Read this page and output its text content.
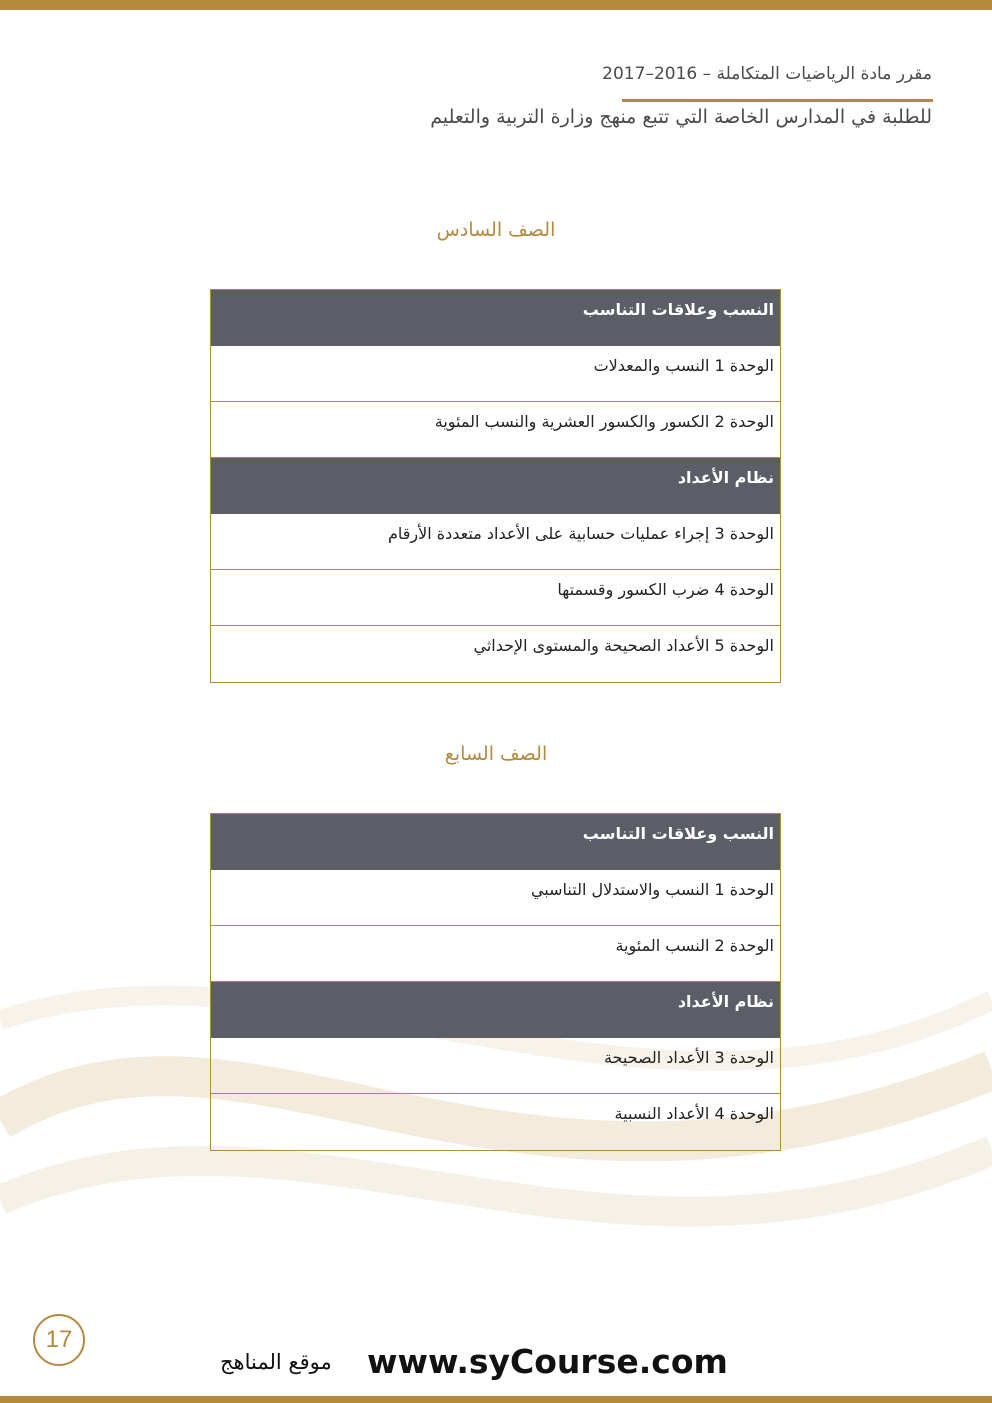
مقرر مادة الرياضيات المتكاملة – 2016–2017
للطلبة في المدارس الخاصة التي تتبع منهج وزارة التربية والتعليم
الصف السادس
النسب وعلاقات التناسب
الوحدة 1 النسب والمعدلات
الوحدة 2 الكسور والكسور العشرية والنسب المئوية
نظام الأعداد
الوحدة 3 إجراء عمليات حسابية على الأعداد متعددة الأرقام
الوحدة 4 ضرب الكسور وقسمتها
الوحدة 5 الأعداد الصحيحة والمستوى الإحداثي
الصف السابع
النسب وعلاقات التناسب
الوحدة 1 النسب والاستدلال التناسبي
الوحدة 2 النسب المئوية
نظام الأعداد
الوحدة 3 الأعداد الصحيحة
الوحدة 4 الأعداد النسبية
17
موقع المناهج www.syCourse.com
